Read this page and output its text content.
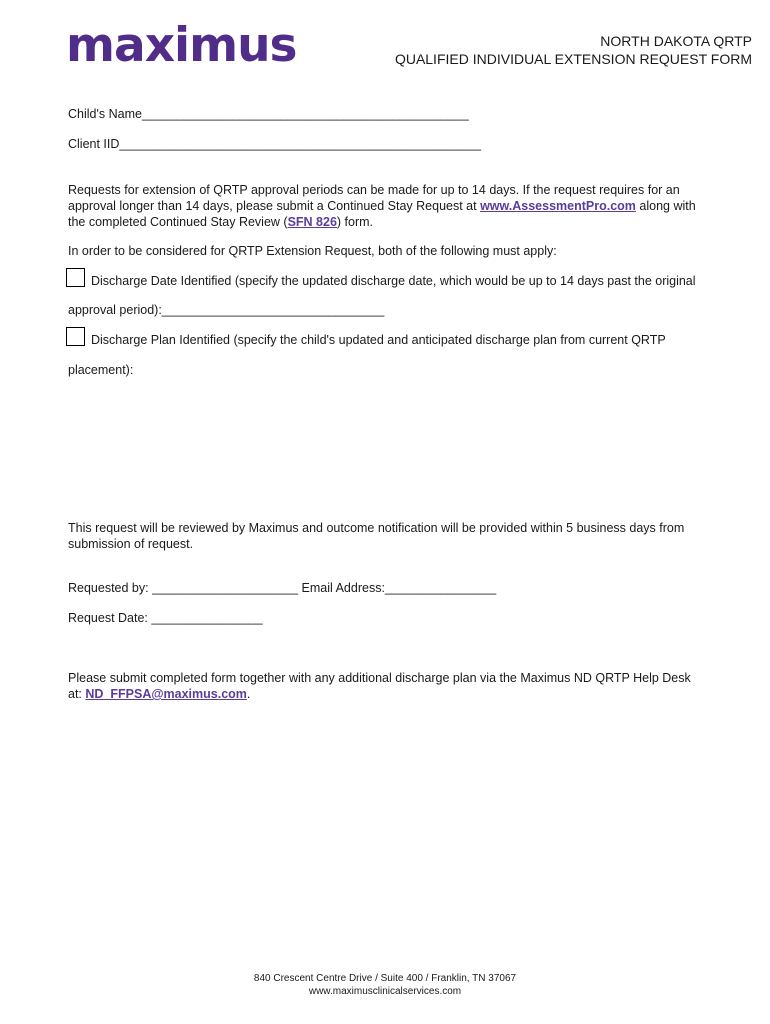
maximus	NORTH DAKOTA QRTP
QUALIFIED INDIVIDUAL EXTENSION REQUEST FORM
Child's Name_______________________________________________
Client IID____________________________________________________
Requests for extension of QRTP approval periods can be made for up to 14 days. If the request requires for an approval longer than 14 days, please submit a Continued Stay Request at www.AssessmentPro.com along with the completed Continued Stay Review (SFN 826) form.
In order to be considered for QRTP Extension Request, both of the following must apply:
Discharge Date Identified (specify the updated discharge date, which would be up to 14 days past the original
approval period):________________________________
Discharge Plan Identified (specify the child's updated and anticipated discharge plan from current QRTP
placement):
This request will be reviewed by Maximus and outcome notification will be provided within 5 business days from submission of request.
Requested by: _____________________ Email Address:________________
Request Date: ________________
Please submit completed form together with any additional discharge plan via the Maximus ND QRTP Help Desk at: ND_FFPSA@maximus.com.
840 Crescent Centre Drive / Suite 400 / Franklin, TN 37067
www.maximusclinicalservices.com
